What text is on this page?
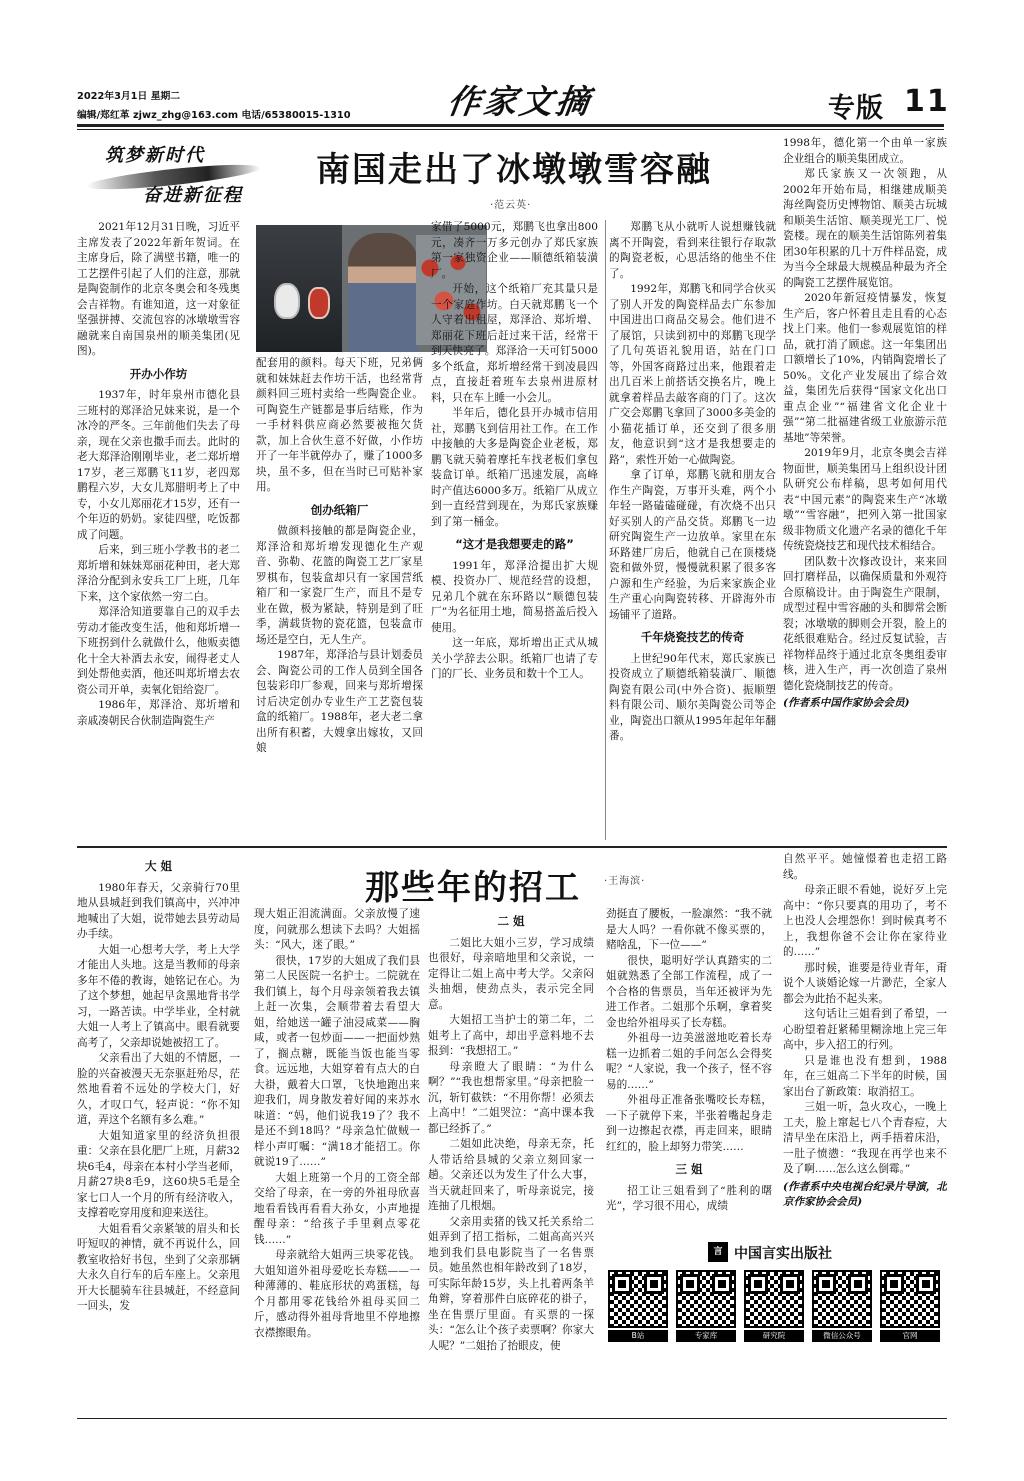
2022年3月1日 星期二
编辑/郑红革 zjwz_zhg@163.com 电话/65380015-1310	作家文摘	专版 11
筑梦新时代
奋进新征程
南国走出了冰墩墩雪容融
·范云英·

2021年12月31日晚，习近平主席发表了2022年新年贺词。在主席身后，除了满壁书籍，唯一的工艺摆件引起了人们的注意，那就是陶瓷制作的北京冬奥会和冬残奥会吉祥物。有谁知道，这一对象征坚强拼搏、交流包容的冰墩墩雪容融就来自南国泉州的顺美集团(见图)。

开办小作坊

1937年，时年泉州市德化县三班村的郑泽洽兄妹来说，是一个冰冷的严冬。三年前他们失去了母亲，现在父亲也撒手而去。此时的老大郑泽洽刚刚毕业，老二郑圻增17岁，老三郑鹏飞11岁，老四郑鹏程六岁，大女儿郑腊明考上了中专，小女儿郑丽花才15岁，还有一个年迈的奶奶。家徒四壁，吃饭都成了问题。

后来，到三班小学教书的老二郑圻增和妹妹郑丽花种田，老大郑泽洽分配到永安兵工厂上班，几年下来，这个家依然一穷二白。

郑泽洽知道要靠自己的双手去劳动才能改变生活，他和郑圻增一下班拐到什么就做什么，他贩卖德化十全大补酒去永安，闹得老丈人到处帮他卖酒，他还叫郑圻增去农资公司开单，卖氧化铝给瓷厂。

1986年，郑泽洽、郑圻增和亲戚凑朝民合伙制造陶瓷生产

配套用的颜料。每天下班，兄弟俩就和妹妹赶去作坊干活，也经常背颜料回三班村卖给一些陶瓷企业。可陶瓷生产链都是事后结账，作为一手材料供应商必然要被拖欠货款，加上合伙生意不好做，小作坊开了一年半就停办了，赚了1000多块，虽不多，但在当时已可贴补家用。

创办纸箱厂

做颜料接触的都是陶瓷企业，郑泽洽和郑圻增发现德化生产观音、弥勒、花篮的陶瓷工艺厂家星罗棋布，包装盒却只有一家国营纸箱厂和一家瓷厂生产，而且不是专业在做，极为紧缺，特别是到了旺季，满载货物的瓷花篮，包装盒市场还是空白，无人生产。

1987年，郑泽洽与县计划委员会、陶瓷公司的工作人员到全国各包装彩印厂参观，回来与郑圻增探讨后决定创办专业生产工艺瓷包装盒的纸箱厂。1988年，老大老二拿出所有积蓄，大嫂拿出嫁妆，又回娘

家借了5000元，郑鹏飞也拿出800元，凑齐一万多元创办了郑氏家族第一家独资企业——顺德纸箱装潢厂。

开始，这个纸箱厂充其量只是一个家庭作坊。白天就郑鹏飞一个人守着出租屋，郑泽洽、郑圻增、郑丽花下班后赶过来干活，经常干到天快亮了。郑泽洽一天可钉5000多个纸盒，郑圻增经常干到凌晨四点，直接赶着班车去泉州进原材料，只在车上睡一小会儿。

半年后，德化县开办城市信用社，郑鹏飞到信用社工作。在工作中接触的大多是陶瓷企业老板，郑鹏飞就天骑着摩托车找老板们拿包装盒订单。纸箱厂迅速发展，高峰时产值达6000多万。纸箱厂从成立到一直经营到现在，为郑氏家族赚到了第一桶金。

“这才是我想要走的路”

1991年，郑泽洽提出扩大规模、投资办厂、规范经营的设想，兄弟几个就在东环路以“顺德包装厂”为名征用土地，简易搭盖后投入使用。

这一年底，郑圻增出正式从城关小学辞去公职。纸箱厂也请了专门的厂长、业务员和数十个工人。

郑鹏飞从小就听人说想赚钱就离不开陶瓷，看到来往银行存取款的陶瓷老板，心思活络的他坐不住了。

1992年，郑鹏飞和同学合伙买了别人开发的陶瓷样品去广东参加中国进出口商品交易会。他们进不了展馆，只读到初中的郑鹏飞现学了几句英语礼貌用语，站在门口等，外国客商路过出来，他跟着走出几百米上前搭话交换名片，晚上就拿着样品去敲客商的门了。这次广交会郑鹏飞拿回了3000多美金的小猫花插订单，还交到了很多朋友，他意识到“这才是我想要走的路”，索性开始一心做陶瓷。

拿了订单，郑鹏飞就和朋友合作生产陶瓷，万事开头难，两个小年轻一路磕磕碰碰，有次烧不出只好买别人的产品交货。郑鹏飞一边研究陶瓷生产一边放单。家里在东环路建厂房后，他就自己在顶楼烧瓷和做外贸，慢慢就积累了很多客户源和生产经验，为后来家族企业生产重心向陶瓷转移、开辟海外市场铺平了道路。

千年烧瓷技艺的传奇

上世纪90年代末，郑氏家族已投资成立了顺德纸箱装潢厂、顺德陶瓷有限公司(中外合资)、振顺塑料有限公司、顺尔美陶瓷公司等企业，陶瓷出口额从1995年起年年翻番。

1998年，德化第一个由单一家族企业组合的顺美集团成立。

郑氏家族又一次领跑，从2002年开始布局，相继建成顺美海丝陶瓷历史博物馆、顺美古玩城和顺美生活馆、顺美现光工厂、悦瓷楼。现在的顺美生活馆陈列着集团30年积累的几十万件样品瓷，成为当今全球最大规模品种最为齐全的陶瓷工艺摆件展览馆。

2020年新冠疫情暴发，恢复生产后，客户怀着且走且看的心态找上门来。他们一参观展览馆的样品，就打消了顾虑。这一年集团出口额增长了10%，内销陶瓷增长了50%。文化产业发展出了综合效益，集团先后获得“国家文化出口重点企业”“福建省文化企业十强”“第二批福建省级工业旅游示范基地”等荣誉。

2019年9月，北京冬奥会吉祥物面世，顺美集团马上组织设计团队研究公布样稿，思考如何用代表“中国元素”的陶瓷来生产“冰墩墩”“雪容融”，把列入第一批国家级非物质文化遗产名录的德化千年传统瓷烧技艺和现代技术相结合。

团队数十次修改设计，来来回回打磨样品，以确保质量和外观符合原稿设计。由于陶瓷生产限制，成型过程中雪容融的头和脚常会断裂；冰墩墩的脚则会开裂，脸上的花纸很难贴合。经过反复试验，吉祥物样品终于通过北京冬奥组委审核，进入生产，再一次创造了泉州德化瓷烧制技艺的传奇。

(作者系中国作家协会会员)

那些年的招工 ·王海滨·
大 姐

1980年春天，父亲骑行70里地从县城赶到我们镇高中，兴冲冲地喊出了大姐，说带她去县劳动局办手续。

大姐一心想考大学，考上大学才能出人头地。这是当教师的母亲多年不倦的教诲，她铭记在心。为了这个梦想，她起早贪黑地背书学习，一路苦读。中学毕业，全村就大姐一人考上了镇高中。眼看就要高考了，父亲却说她被招工了。

父亲看出了大姐的不情愿，一脸的兴奋被漫天无奈驱赶殆尽，茫然地看着不远处的学校大门，好久，才叹口气，轻声说：“你不知道，弄这个名额有多么难。”

大姐知道家里的经济负担很重：父亲在县化肥厂上班，月薪32块6毛4，母亲在本村小学当老师，月薪27块8毛9，这60块5毛是全家七口人一个月的所有经济收入，支撑着吃穿用度和迎来送往。

大姐看看父亲紧皱的眉头和长吁短叹的神情，就不再说什么，回教室收拾好书包，坐到了父亲那辆大永久自行车的后车座上。父亲甩开大长腿骑车往县城赶，不经意间一回头，发

现大姐正泪流满面。父亲放慢了速度，问就那么想读下去吗？大姐摇头：“风大，迷了眼。”

很快，17岁的大姐成了我们县第二人民医院一名护士。二院就在我们镇上，每个月母亲领着我去镇上赶一次集，会顺带着去看望大姐，给她送一罐子油浸咸菜——胸咸，或者一包炒面——一把面炒熟了，搁点糖，既能当饭也能当零食。远远地，大姐穿着有点大的白大褂，戴着大口罩，飞快地跑出来迎我们，周身散发着好闻的来苏水味道：“妈，他们说我19了？我不是还不到18吗？”母亲急忙做贼一样小声叮嘱：“满18才能招工。你就说19了……”

大姐上班第一个月的工资全部交给了母亲，在一旁的外祖母欣喜地看看钱再看看大孙女，小声地提醒母亲：“给孩子手里剩点零花钱……”

母亲就给大姐两三块零花钱。大姐知道外祖母爱吃长寿糕——一种薄薄的、鞋底形状的鸡蛋糕，每个月都用零花钱给外祖母买回二斤，感动得外祖母背地里不停地擦衣襟擦眼角。

二 姐

二姐比大姐小三岁，学习成绩也很好，母亲暗地里和父亲说，一定得让二姐上高中考大学。父亲闷头抽烟，使劲点头，表示完全同意。

大姐招工当护士的第二年，二姐考上了高中，却出乎意料地不去报到：“我想招工。”

母亲瞪大了眼睛：“为什么啊？”“我也想帮家里。”母亲把脸一沉，斩钉截铁：“不用你帮！必须去上高中！”二姐哭泣：“高中课本我都已经拆了。”

二姐如此决绝，母亲无奈，托人带话给县城的父亲立刻回家一趟。父亲还以为发生了什么大事，当天就赶回来了，听母亲说完，接连抽了几根烟。

父亲用卖猪的钱又托关系给二姐弄到了招工指标，二姐高高兴兴地到我们县电影院当了一名售票员。她虽然也相年龄改到了18岁，可实际年龄15岁，头上扎着两条羊角辫，穿着那件白底碎花的褂子，坐在售票厅里面。有买票的一探头：“怎么让个孩子卖票啊？你家大人呢？”二姐抬了抬眼皮，使

劲挺直了腰板，一脸凛然：“我不就是大人吗？一看你就不像买票的，赌啥乱，下一位——”

很快，聪明好学认真踏实的二姐就熟悉了全部工作流程，成了一个合格的售票员，当年还被评为先进工作者。二姐那个乐啊，拿着奖金也给外祖母买了长寿糕。

外祖母一边美滋滋地吃着长寿糕一边抓着二姐的手问怎么会得奖呢？“人家说，我一个孩子，怪不容易的……”

外祖母正准备张嘴咬长寿糕，一下子就停下来，半张着嘴起身走到一边擦起衣襟，再走回来，眼睛红红的，脸上却努力带笑……

三 姐

招工让三姐看到了“胜利的曙光”，学习很不用心，成绩

自然平平。她憧憬着也走招工路线。

母亲正眼不看她，说好歹上完高中：“你只要真的用功了，考不上也没人会埋怨你！到时候真考不上，我想你爸不会让你在家待业的……”

那时候，谁要是待业青年，甭说个人谈婚论嫁一片渺茫，全家人都会为此抬不起头来。

这句话让三姐看到了希望，一心盼望着赶紧稀里糊涂地上完三年高中，步入招工的行列。

只是谁也没有想到，1988年，在三姐高二下半年的时候，国家出台了新政策：取消招工。

三姐一听，急火攻心，一晚上工夫，脸上窜起七八个青春痘，大清早坐在床沿上，两手捂着床沿，一肚子愤懑：“我现在再学也来不及了啊……怎么这么倒霉。”

(作者系中央电视台纪录片导演，北京作家协会会员)

言 中国言实出版社
B站	专家库	研究院	微信公众号	官网
